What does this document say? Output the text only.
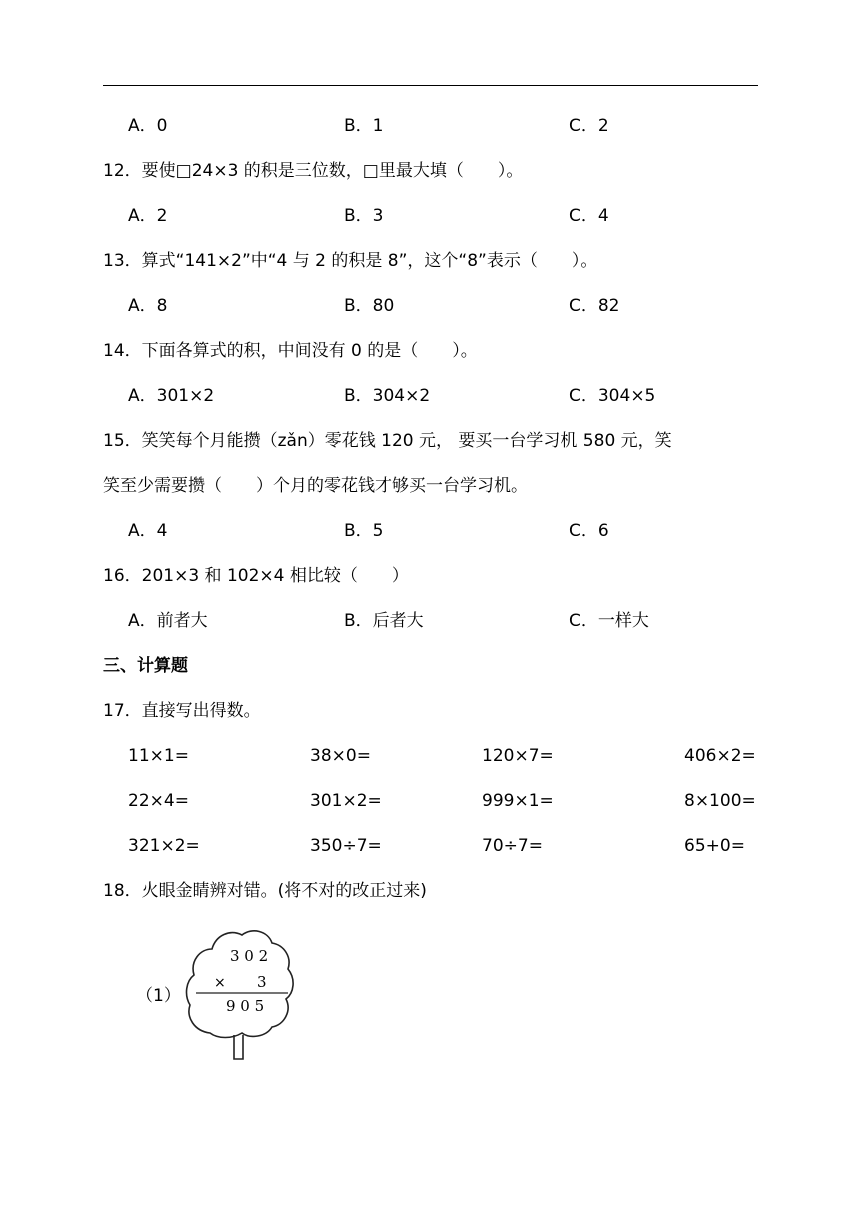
A．0	B．1	C．2
12．要使□24×3 的积是三位数，□里最大填（　　）。
A．2	B．3	C．4
13．算式“141×2”中“4 与 2 的积是 8”，这个“8”表示（　　）。
A．8	B．80	C．82
14．下面各算式的积，中间没有 0 的是（　　）。
A．301×2	B．304×2	C．304×5
15．笑笑每个月能攒（zǎn）零花钱 120 元， 要买一台学习机 580 元，笑
笑至少需要攒（　　）个月的零花钱才够买一台学习机。
A．4	B．5	C．6
16．201×3 和 102×4 相比较（　　）
A．前者大	B．后者大	C．一样大
三、计算题
17．直接写出得数。
11×1=	38×0=	120×7=	406×2=
22×4=	301×2=	999×1=	8×100=
321×2=	350÷7=	70÷7=	65+0=
18．火眼金睛辨对错。(将不对的改正过来)
（1）
3 0 2
× 3
9 0 5
